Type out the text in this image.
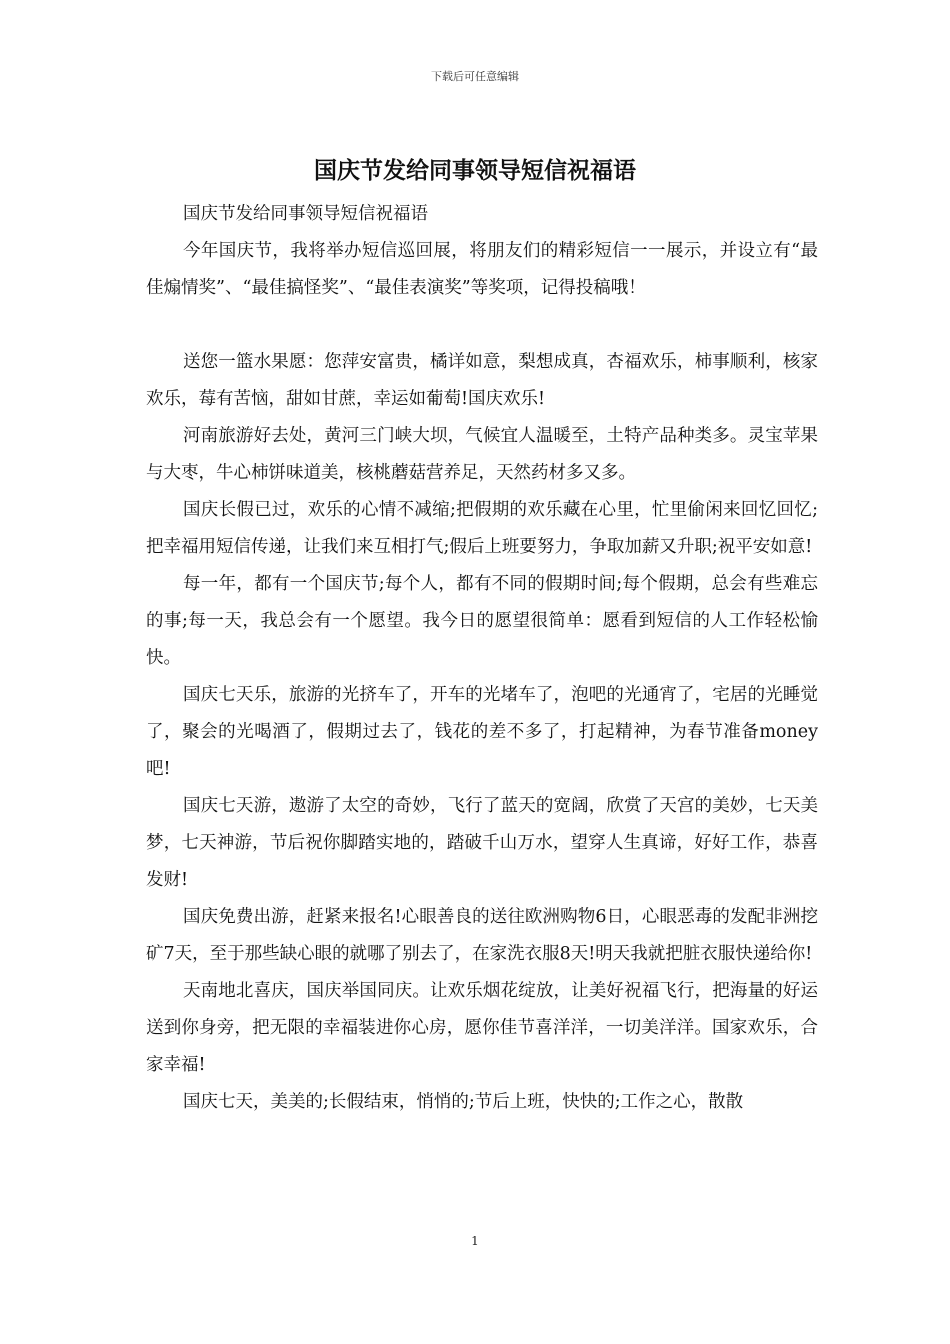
下载后可任意编辑
国庆节发给同事领导短信祝福语

国庆节发给同事领导短信祝福语

今年国庆节，我将举办短信巡回展，将朋友们的精彩短信一一展示，并设立有“最佳煽情奖”、“最佳搞怪奖”、“最佳表演奖”等奖项，记得投稿哦！

送您一篮水果愿：您萍安富贵，橘详如意，梨想成真，杏福欢乐，柿事顺利，核家欢乐，莓有苦恼，甜如甘蔗，幸运如葡萄!国庆欢乐!

河南旅游好去处，黄河三门峡大坝，气候宜人温暖至，土特产品种类多。灵宝苹果与大枣，牛心柿饼味道美，核桃蘑菇营养足，天然药材多又多。

国庆长假已过，欢乐的心情不减缩;把假期的欢乐藏在心里，忙里偷闲来回忆回忆;把幸福用短信传递，让我们来互相打气;假后上班要努力，争取加薪又升职;祝平安如意!

每一年，都有一个国庆节;每个人，都有不同的假期时间;每个假期，总会有些难忘的事;每一天，我总会有一个愿望。我今日的愿望很简单：愿看到短信的人工作轻松愉快。

国庆七天乐，旅游的光挤车了，开车的光堵车了，泡吧的光通宵了，宅居的光睡觉了，聚会的光喝酒了，假期过去了，钱花的差不多了，打起精神，为春节准备money吧!

国庆七天游，遨游了太空的奇妙，飞行了蓝天的宽阔，欣赏了天宫的美妙，七天美梦，七天神游，节后祝你脚踏实地的，踏破千山万水，望穿人生真谛，好好工作，恭喜发财!

国庆免费出游，赶紧来报名!心眼善良的送往欧洲购物6日，心眼恶毒的发配非洲挖矿7天，至于那些缺心眼的就哪了别去了，在家洗衣服8天!明天我就把脏衣服快递给你!

天南地北喜庆，国庆举国同庆。让欢乐烟花绽放，让美好祝福飞行，把海量的好运送到你身旁，把无限的幸福装进你心房，愿你佳节喜洋洋，一切美洋洋。国家欢乐，合家幸福!

国庆七天，美美的;长假结束，悄悄的;节后上班，快快的;工作之心，散散

1
